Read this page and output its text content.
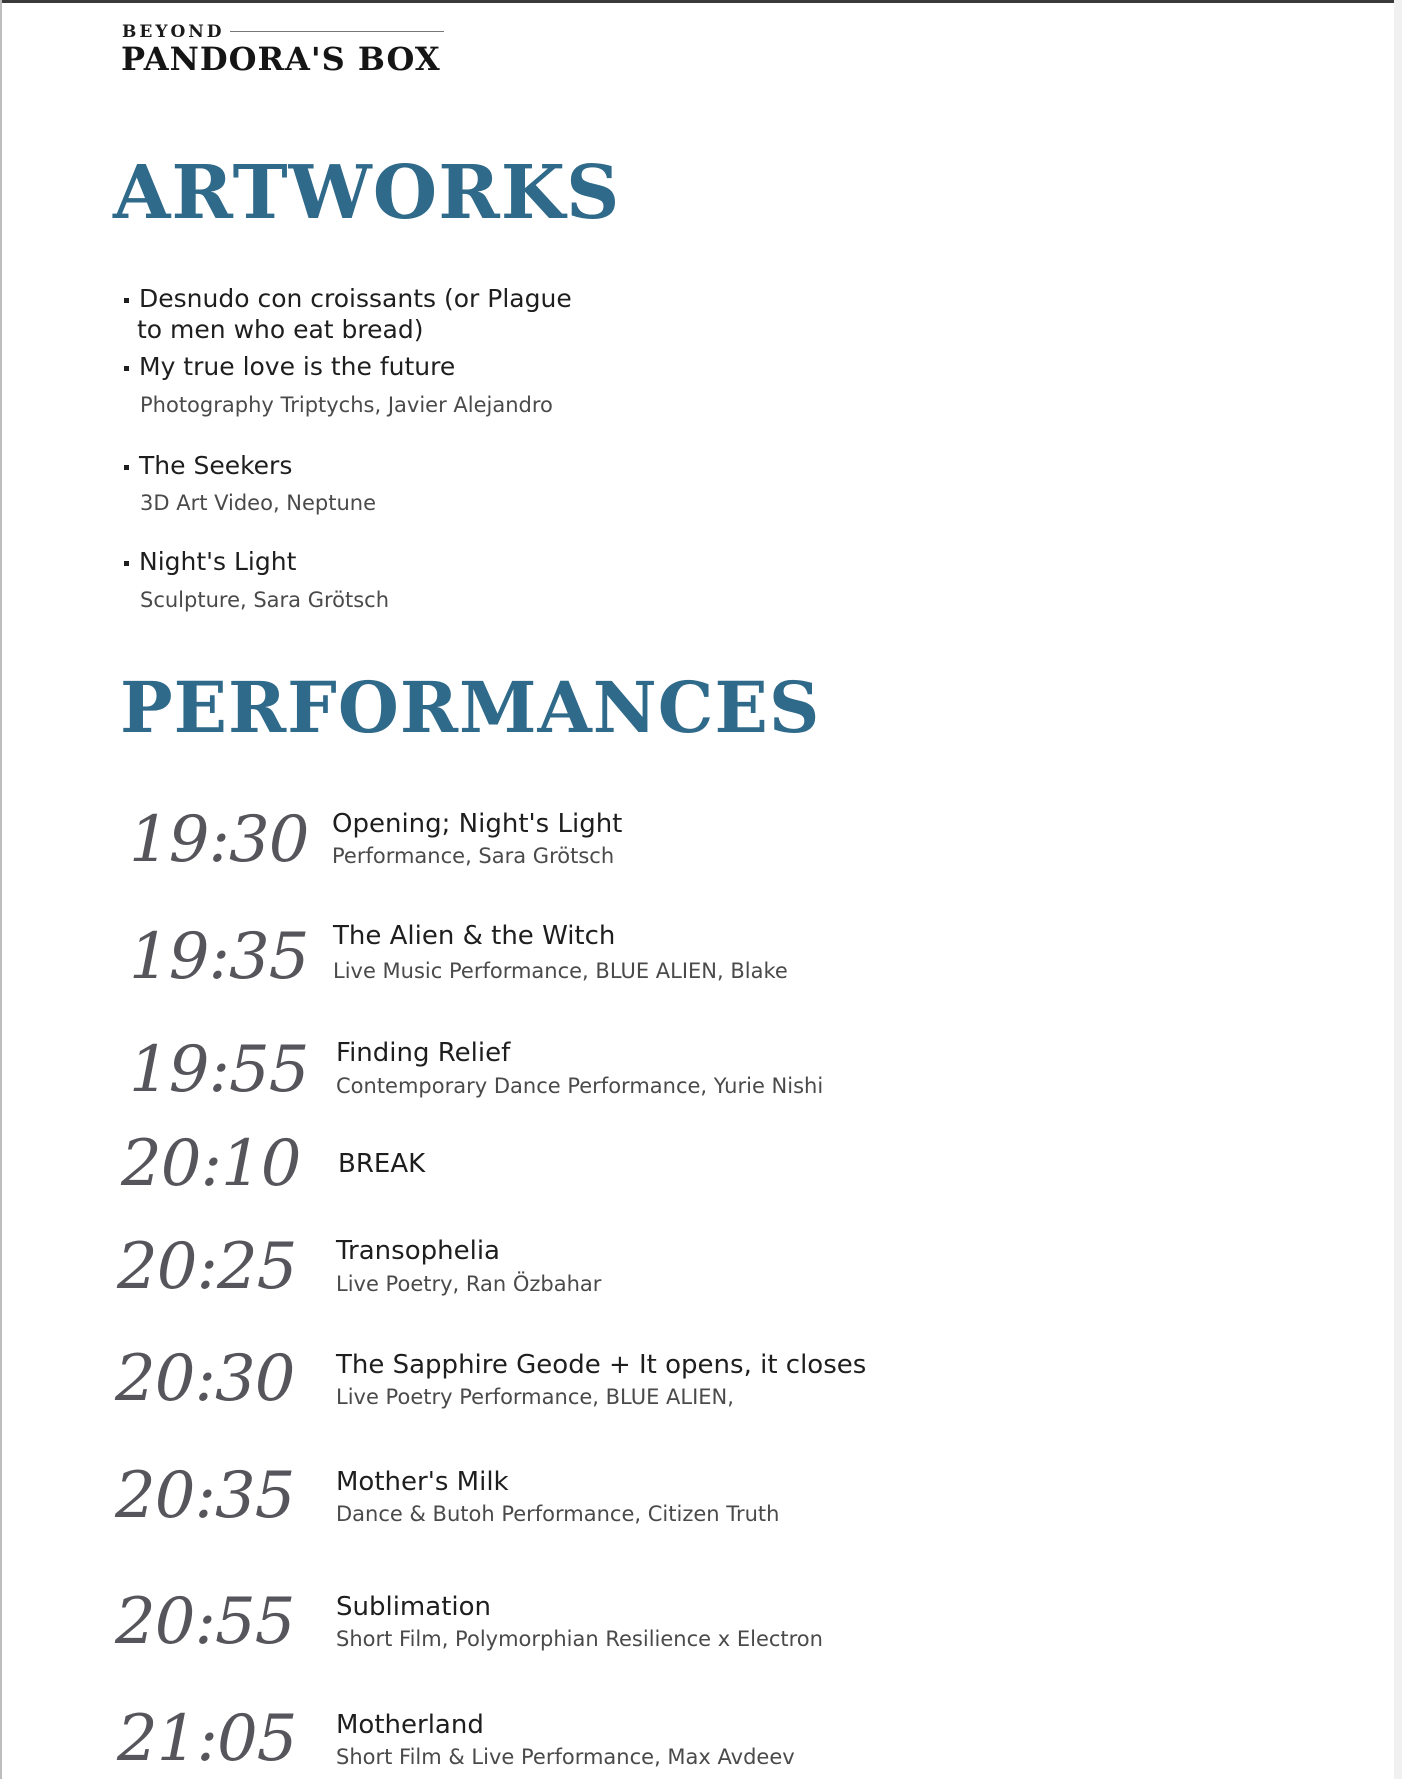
BEYOND
PANDORA'S BOX
ARTWORKS
Desnudo con croissants (or Plague
to men who eat bread)
My true love is the future
Photography Triptychs, Javier Alejandro
The Seekers
3D Art Video, Neptune
Night's Light
Sculpture, Sara Grötsch
PERFORMANCES
19:30 Opening; Night's Light
Performance, Sara Grötsch
19:35 The Alien & the Witch
Live Music Performance, BLUE ALIEN, Blake
19:55 Finding Relief
Contemporary Dance Performance, Yurie Nishi
20:10 BREAK
20:25 Transophelia
Live Poetry, Ran Özbahar
20:30 The Sapphire Geode + It opens, it closes
Live Poetry Performance, BLUE ALIEN,
20:35 Mother's Milk
Dance & Butoh Performance, Citizen Truth
20:55 Sublimation
Short Film, Polymorphian Resilience x Electron
21:05 Motherland
Short Film & Live Performance, Max Avdeev
